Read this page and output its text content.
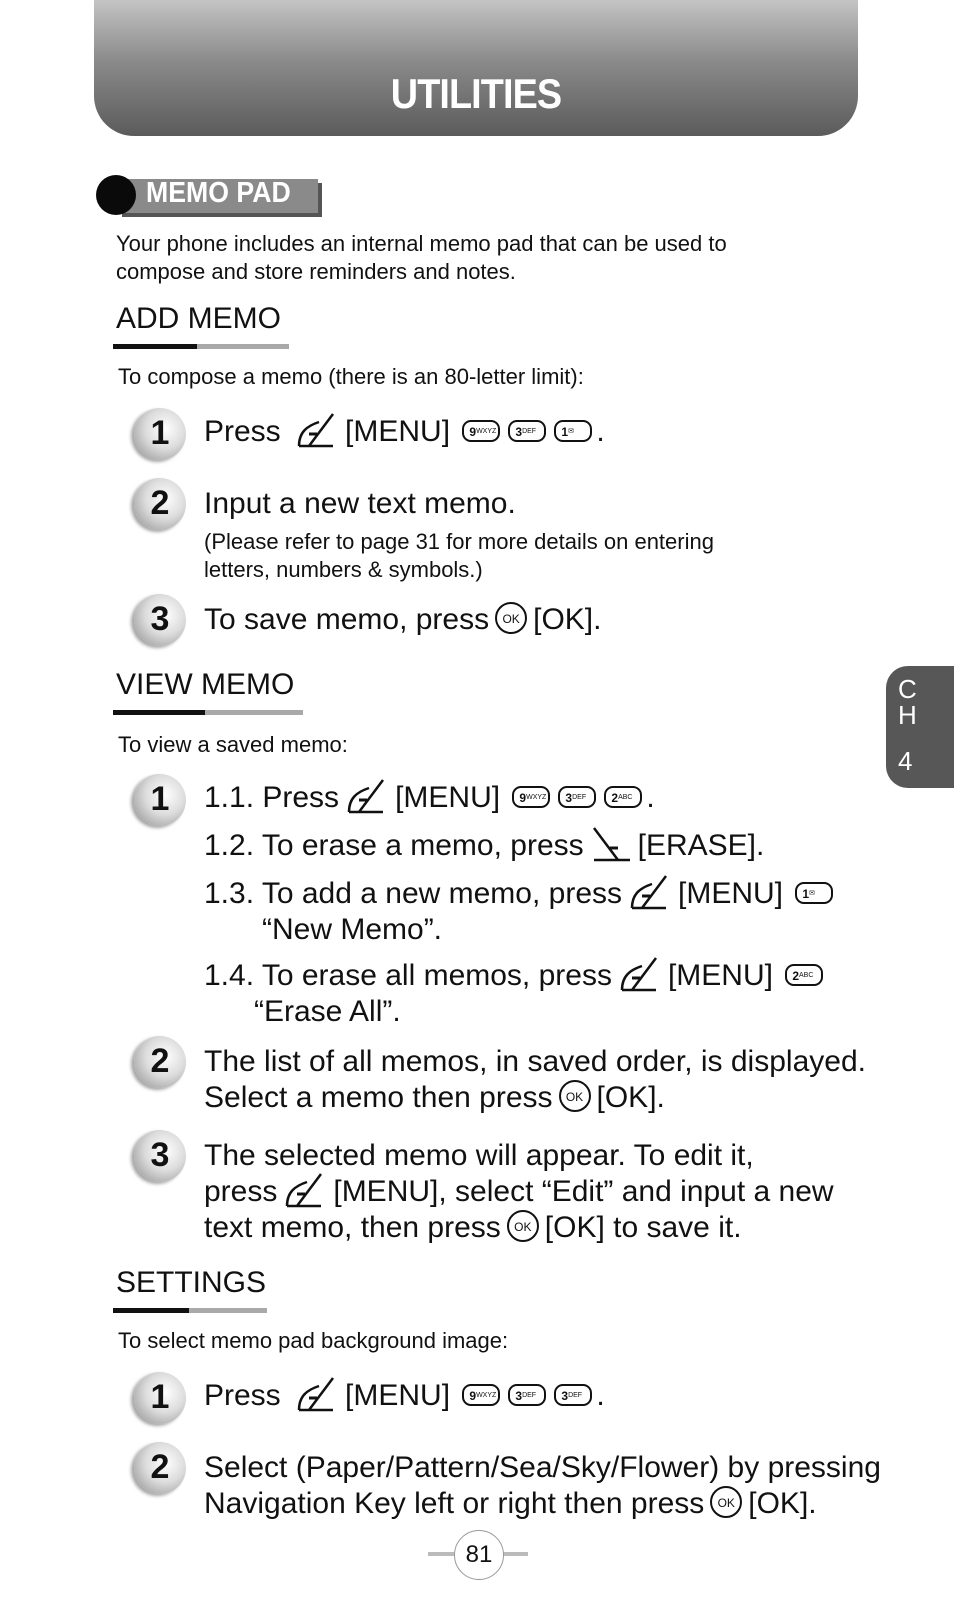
UTILITIES
MEMO PAD
Your phone includes an internal memo pad that can be used to
compose and store reminders and notes.
ADD MEMO
To compose a memo (there is an 80-letter limit):
1	Press [MENU] $9^{WXYZ}$ $3^{DEF}$ 1✉ .
2	Input a new text memo.
(Please refer to page 31 for more details on entering
letters, numbers & symbols.)
3	To save memo, press OK [OK].
VIEW MEMO
To view a saved memo:
1	1.1. Press [MENU] $9^{WXYZ}$ $3^{DEF}$ $2^{ABC}$ .
1.2. To erase a memo, press [ERASE].
1.3. To add a new memo, press [MENU] 1✉
“New Memo”.
1.4. To erase all memos, press [MENU] $2^{ABC}$
“Erase All”.
2	The list of all memos, in saved order, is displayed.
Select a memo then press OK [OK].
3	The selected memo will appear. To edit it,
press [MENU], select “Edit” and input a new
text memo, then press OK [OK] to save it.
SETTINGS
To select memo pad background image:
1	Press [MENU] $9^{WXYZ}$ $3^{DEF}$ $3^{DEF}$ .
2	Select (Paper/Pattern/Sea/Sky/Flower) by pressing
Navigation Key left or right then press OK [OK].
C
H
4
81
